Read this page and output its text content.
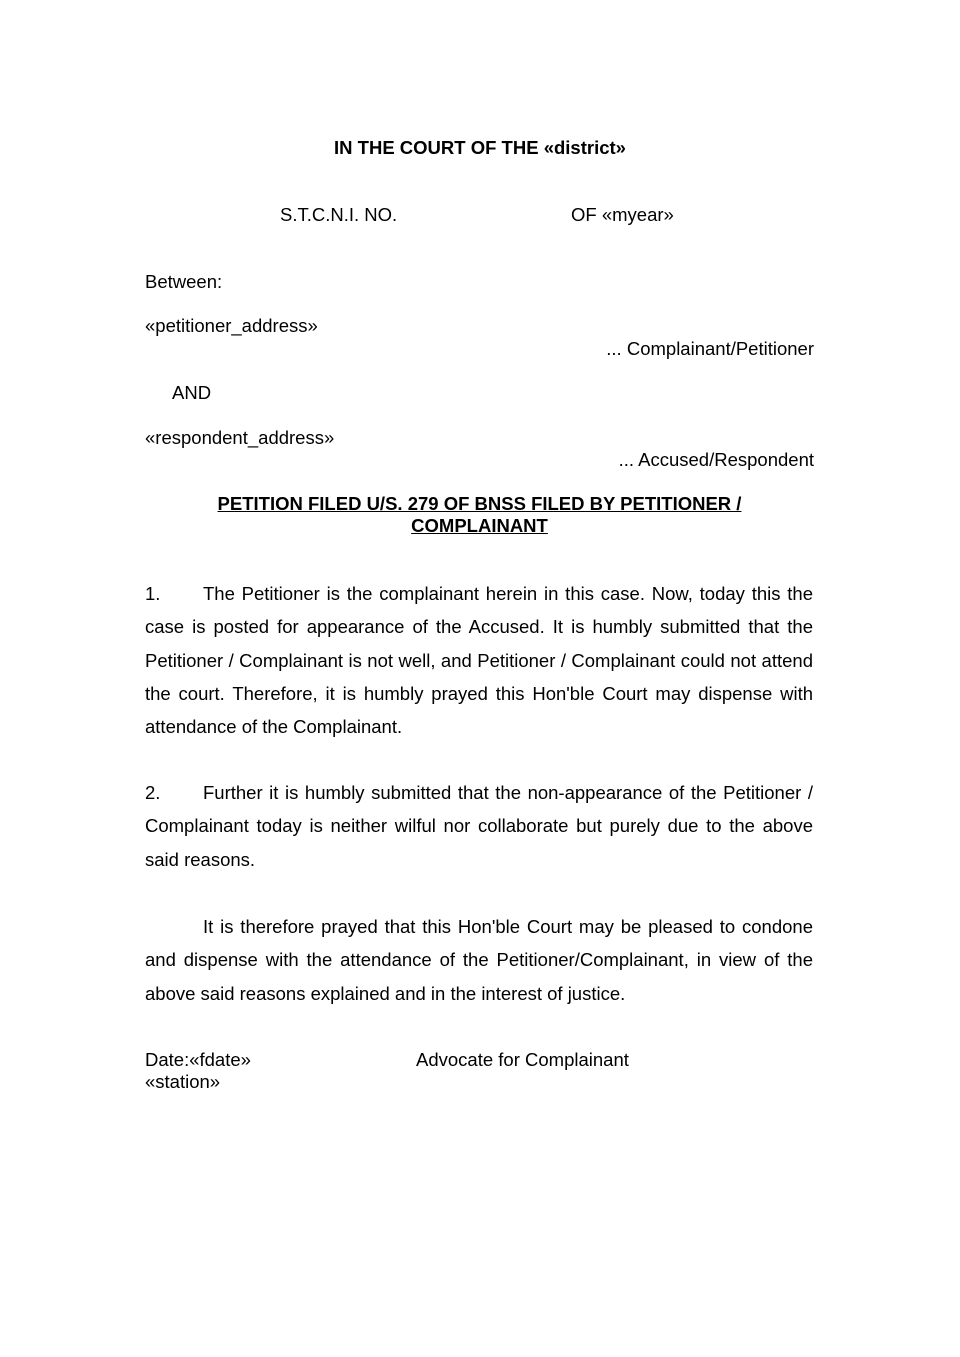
IN THE COURT OF THE «district»
S.T.C.N.I. NO.	OF «myear»
Between:
«petitioner_address»
... Complainant/Petitioner
AND
«respondent_address»
... Accused/Respondent
PETITION FILED U/S. 279 OF BNSS FILED BY PETITIONER /
COMPLAINANT
1. The Petitioner is the complainant herein in this case. Now, today this the case is posted for appearance of the Accused. It is humbly submitted that the Petitioner / Complainant is not well, and Petitioner / Complainant could not attend the court. Therefore, it is humbly prayed this Hon'ble Court may dispense with attendance of the Complainant.
2. Further it is humbly submitted that the non-appearance of the Petitioner / Complainant today is neither wilful nor collaborate but purely due to the above said reasons.
It is therefore prayed that this Hon'ble Court may be pleased to condone and dispense with the attendance of the Petitioner/Complainant, in view of the above said reasons explained and in the interest of justice.
Date:«fdate»	Advocate for Complainant
«station»
